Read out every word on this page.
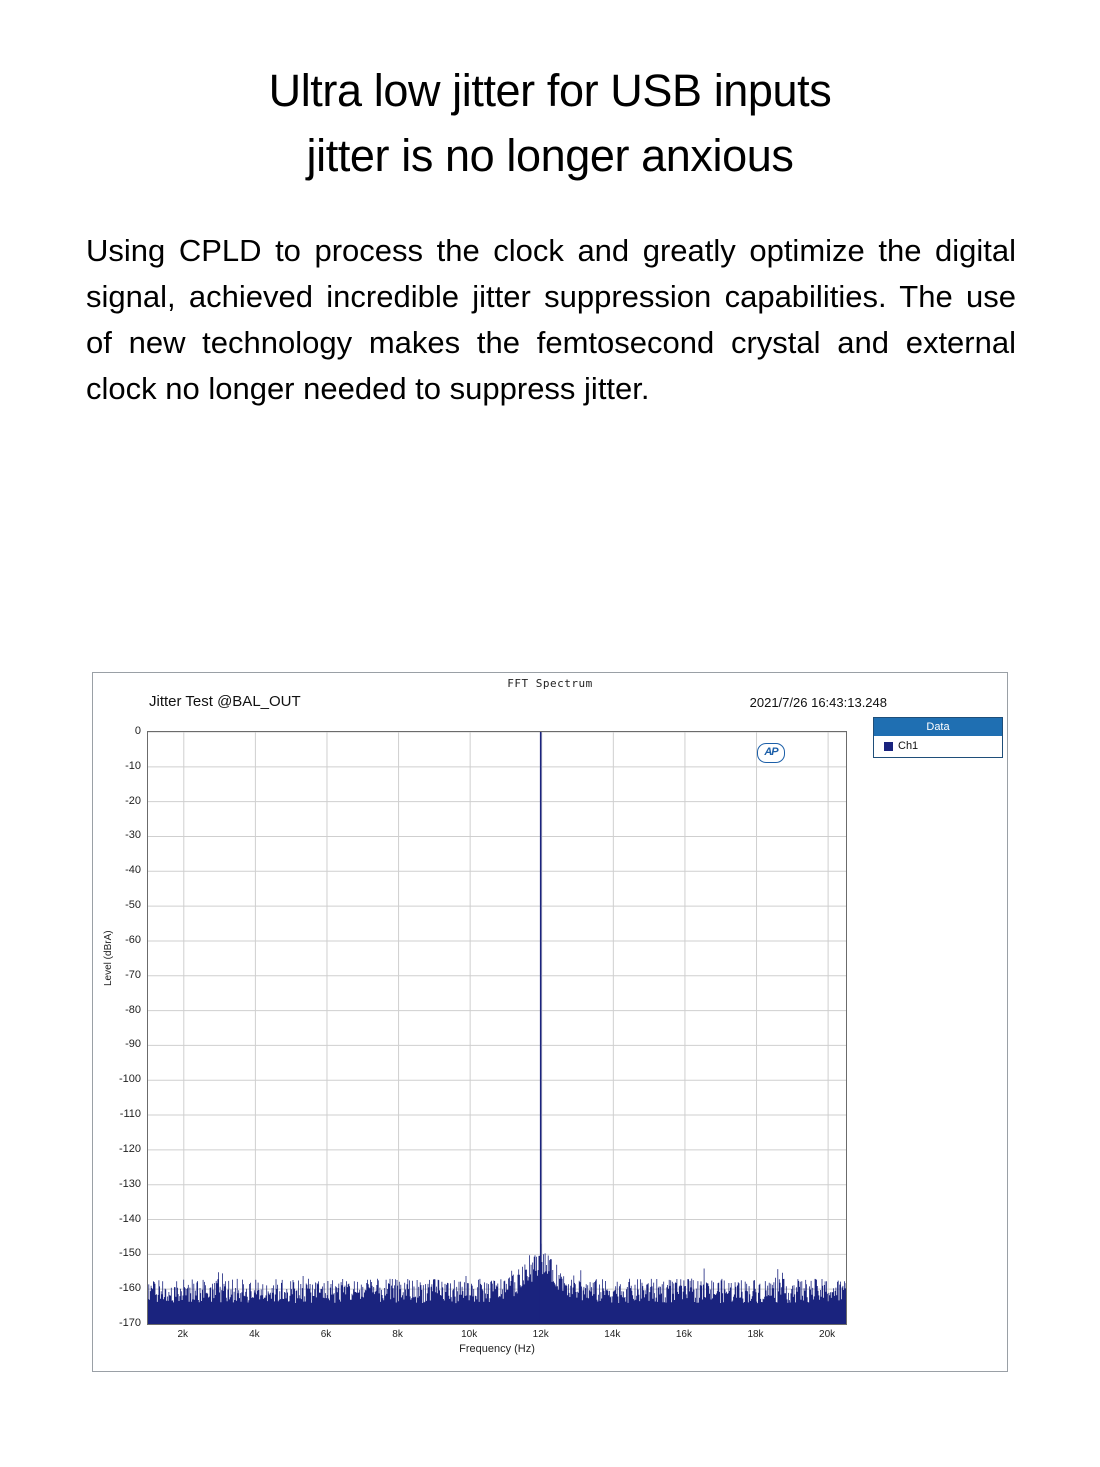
Ultra low jitter for USB inputs
jitter is no longer anxious
Using CPLD to process the clock and greatly optimize the digital signal, achieved incredible jitter suppression capabilities. The use of new technology makes the femtosecond crystal and external clock no longer needed to suppress jitter.
FFT Spectrum
Jitter Test @BAL_OUT	2021/7/26 16:43:13.248
Level (dBrA)
Frequency (Hz)
AP
0
-10
-20
-30
-40
-50
-60
-70
-80
-90
-100
-110
-120
-130
-140
-150
-160
-170
2k	4k	6k	8k	10k	12k	14k	16k	18k	20k
Data
Ch1
